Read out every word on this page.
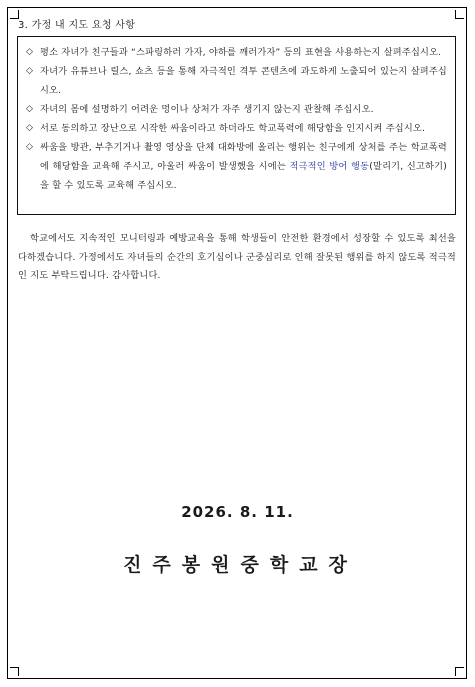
3. 가정 내 지도 요청 사항
◇ 평소 자녀가 친구들과 “스파링하러 가자, 야하를 깨러가자” 등의 표현을 사용하는지 살펴주십시오.
◇ 자녀가 유튜브나 릴스, 쇼츠 등을 통해 자극적인 격투 콘텐츠에 과도하게 노출되어 있는지 살펴주십시오.
◇ 자녀의 몸에 설명하기 어려운 멍이나 상처가 자주 생기지 않는지 관찰해 주십시오.
◇ 서로 동의하고 장난으로 시작한 싸움이라고 하더라도 학교폭력에 해당함을 인지시켜 주십시오.
◇ 싸움을 방관, 부추기거나 촬영 영상을 단체 대화방에 올리는 행위는 친구에게 상처를 주는 학교폭력에 해당함을 교육해 주시고, 아울러 싸움이 발생했을 시에는 적극적인 방어 행동(말리기, 신고하기)을 할 수 있도록 교육해 주십시오.
학교에서도 지속적인 모니터링과 예방교육을 통해 학생들이 안전한 환경에서 성장할 수 있도록 최선을 다하겠습니다. 가정에서도 자녀들의 순간의 호기심이나 군중심리로 인해 잘못된 행위를 하지 않도록 적극적인 지도 부탁드립니다. 감사합니다.
2026. 8. 11.
진주봉원중학교장
